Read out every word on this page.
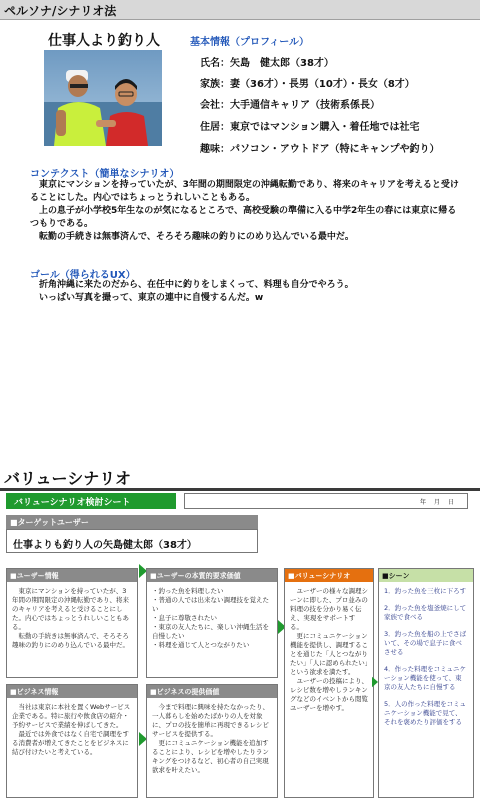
ペルソナ/シナリオ法
仕事人より釣り人	基本情報（プロフィール）
氏名：矢島　健太郎（38才）
家族：妻（36才）・長男（10才）・長女（8才）
会社：大手通信キャリア（技術系係長）
住居：東京ではマンション購入・着任地では社宅
趣味：パソコン・アウトドア（特にキャンプや釣り）
コンテクスト（簡単なシナリオ）
東京にマンションを持っていたが、3年間の期間限定の沖縄転勤であり、将来のキャリアを考えると受けることにした。内心ではちょっとうれしいこともある。
上の息子が小学校5年生なのが気になるところで、高校受験の準備に入る中学2年生の春には東京に帰るつもりである。
転勤の手続きは無事済んで、そろそろ趣味の釣りにのめり込んでいる最中だ。
ゴール（得られるUX）
折角沖縄に来たのだから、在任中に釣りをしまくって、料理も自分でやろう。
いっぱい写真を撮って、東京の連中に自慢するんだ。w
バリューシナリオ
バリューシナリオ検討シート	年　月　日
■ターゲットユーザー
仕事よりも釣り人の矢島健太郎（38才）
■ユーザー情報
東京にマンションを持っていたが、3年間の期間限定の沖縄転勤であり、将来のキャリアを考えると受けることにした。内心ではちょっとうれしいこともある。
転勤の手続きは無事済んで、そろそろ趣味の釣りにのめり込んでいる最中だ。
■ユーザーの本質的要求価値
・釣った魚を料理したい
・普通の人では出来ない調理技を覚えたい
・息子に尊敬されたい
・東京の友人たちに、楽しい沖縄生活を自慢したい
・料理を通じて人とつながりたい
■ビジネス情報
当社は東京に本社を置くWebサービス企業である。特に旅行や飲食店の紹介・予約サービスで業績を伸ばしてきた。
最近では外食ではなく自宅で調理をする消費者が増えてきたことをビジネスに結び付けたいと考えている。
■ビジネスの提供価値
今まで料理に興味を持たなかったり、一人暮らしを始めたばかりの人を対象に、プロの技を簡単に再現できるレシピサービスを提供する。
更にコミュニケーション機能を追加することにより、レシピを増やしたりランキングをつけるなど、初心者の自己実現欲求を叶えたい。
■バリューシナリオ
ユーザーの様々な調理シーンに即した、プロ並みの料理の技を分かり易く伝え、実現をサポートする。
更にコミュニケーション機能を提供し、調理することを通じた「人とつながりたい」「人に認められたい」という欲求を満たす。
ユーザーの投稿により、レシピ数を増やしランキングなどのイベントから閲覧ユーザーを増やす。
■シーン
1．釣った魚を三枚に下ろす
2．釣った魚を塩釜焼にして家族で食べる
3．釣った魚を船の上でさばいて、その場で息子に食べさせる
4．作った料理をコミュニケーション機能を使って、東京の友人たちに自慢する
5．人の作った料理をコミュニケーション機能で見て、それを褒めたり評価をする
